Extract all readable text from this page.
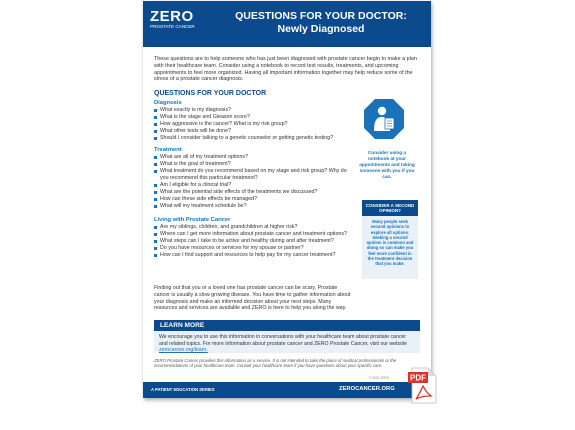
ZERO
PROSTATE CANCER
QUESTIONS FOR YOUR DOCTOR:
Newly Diagnosed

These questions are to help someone who has just been diagnosed with prostate cancer begin to make a plan with their healthcare team. Consider using a notebook to record test results, treatments, and upcoming appointments to feel more organized. Having all important information together may help reduce some of the stress of a prostate cancer diagnosis.

QUESTIONS FOR YOUR DOCTOR
Diagnosis
What exactly is my diagnosis?
What is the stage and Gleason score?
How aggressive is the cancer? What is my risk group?
What other tests will be done?
Should I consider talking to a genetic counselor or getting genetic testing?
Treatment
What are all of my treatment options?
What is the goal of treatment?
What treatment do you recommend based on my stage and risk group? Why do you recommend this particular treatment?
Am I eligible for a clinical trial?
What are the potential side effects of the treatments we discussed?
How can these side effects be managed?
What will my treatment schedule be?
Living with Prostate Cancer
Are my siblings, children, and grandchildren at higher risk?
Where can I get more information about prostate cancer and treatment options?
What steps can I take to be active and healthy during and after treatment?
Do you have resources or services for my spouse or partner?
How can I find support and resources to help pay for my cancer treatment?

Finding out that you or a loved one has prostate cancer can be scary. Prostate cancer is usually a slow growing disease. You have time to gather information about your diagnosis and make an informed decision about your next steps. Many resources and services are available and ZERO is here to help you along the way.

Consider using a notebook at your appointments and taking someone with you if you can.

CONSIDER A SECOND OPINION?

Many people seek second opinions to explore all options. Seeking a second opinion is common and doing so can make you feel more confident in the treatment decision that you make.

LEARN MORE

We encourage you to use this information in conversations with your healthcare team about prostate cancer and related topics. For more information about prostate cancer and ZERO Prostate Cancer, visit our website zerocancer.org/learn.

ZERO Prostate Cancer provides this information as a service. It is not intended to take the place of medical professionals or the recommendations of your healthcare team. Consult your healthcare team if you have questions about your specific care.

© 2022 ZERO
A PATIENT EDUCATION SERIES	ZEROCANCER.ORG
PDF
